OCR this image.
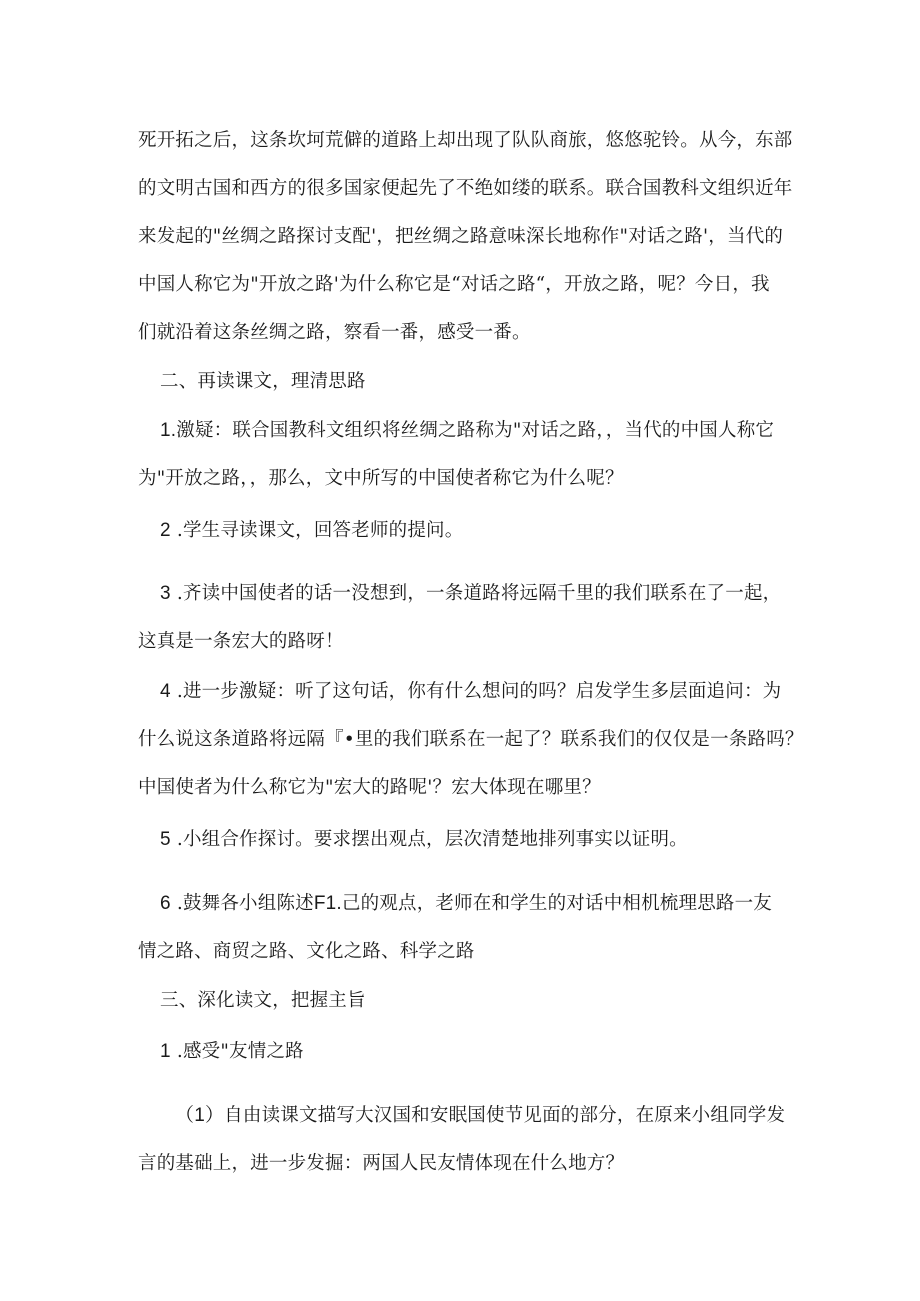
死开拓之后，这条坎坷荒僻的道路上却出现了队队商旅，悠悠驼铃。从今，东部
的文明古国和西方的很多国家便起先了不绝如缕的联系。联合国教科文组织近年
来发起的"丝绸之路探讨支配'，把丝绸之路意味深长地称作"对话之路'，当代的
中国人称它为"开放之路'为什么称它是“对话之路“，开放之路，呢？今日，我
们就沿着这条丝绸之路，察看一番，感受一番。
二、再读课文，理清思路
1.激疑：联合国教科文组织将丝绸之路称为"对话之路，，当代的中国人称它
为"开放之路，，那么，文中所写的中国使者称它为什么呢？
2 .学生寻读课文，回答老师的提问。
3 .齐读中国使者的话一没想到，一条道路将远隔千里的我们联系在了一起，
这真是一条宏大的路呀！
4 .进一步激疑：听了这句话，你有什么想问的吗？启发学生多层面追问：为
什么说这条道路将远隔『•里的我们联系在一起了？联系我们的仅仅是一条路吗？
中国使者为什么称它为"宏大的路呢'？宏大体现在哪里？
5 .小组合作探讨。要求摆出观点，层次清楚地排列事实以证明。
6 .鼓舞各小组陈述F1.己的观点，老师在和学生的对话中相机梳理思路一友
情之路、商贸之路、文化之路、科学之路
三、深化读文，把握主旨
1 .感受"友情之路
（1）自由读课文描写大汉国和安眠国使节见面的部分，在原来小组同学发
言的基础上，进一步发掘：两国人民友情体现在什么地方？
